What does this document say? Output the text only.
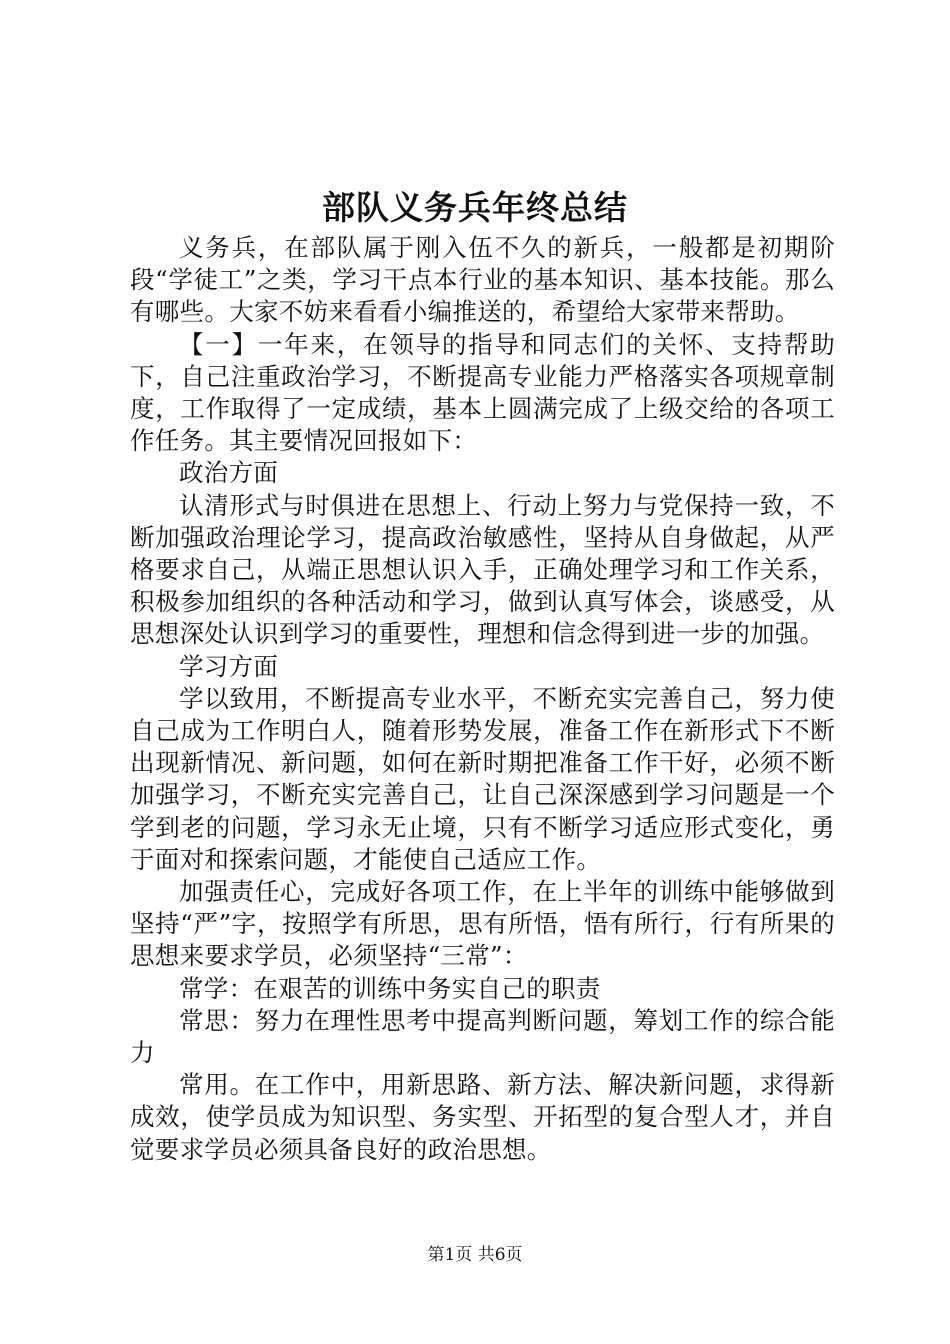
部队义务兵年终总结

义务兵，在部队属于刚入伍不久的新兵，一般都是初期阶段“学徒工”之类，学习干点本行业的基本知识、基本技能。那么有哪些。大家不妨来看看小编推送的，希望给大家带来帮助。

【一】一年来，在领导的指导和同志们的关怀、支持帮助下，自己注重政治学习，不断提高专业能力严格落实各项规章制度，工作取得了一定成绩，基本上圆满完成了上级交给的各项工作任务。其主要情况回报如下：

政治方面

认清形式与时俱进在思想上、行动上努力与党保持一致，不断加强政治理论学习，提高政治敏感性，坚持从自身做起，从严格要求自己，从端正思想认识入手，正确处理学习和工作关系，积极参加组织的各种活动和学习，做到认真写体会，谈感受，从思想深处认识到学习的重要性，理想和信念得到进一步的加强。

学习方面

学以致用，不断提高专业水平，不断充实完善自己，努力使自己成为工作明白人，随着形势发展，准备工作在新形式下不断出现新情况、新问题，如何在新时期把准备工作干好，必须不断加强学习，不断充实完善自己，让自己深深感到学习问题是一个学到老的问题，学习永无止境，只有不断学习适应形式变化，勇于面对和探索问题，才能使自己适应工作。

加强责任心，完成好各项工作，在上半年的训练中能够做到坚持“严”字，按照学有所思，思有所悟，悟有所行，行有所果的思想来要求学员，必须坚持“三常”：

常学：在艰苦的训练中务实自己的职责

常思：努力在理性思考中提高判断问题，筹划工作的综合能力

常用。在工作中，用新思路、新方法、解决新问题，求得新成效，使学员成为知识型、务实型、开拓型的复合型人才，并自觉要求学员必须具备良好的政治思想。

第1页 共6页
